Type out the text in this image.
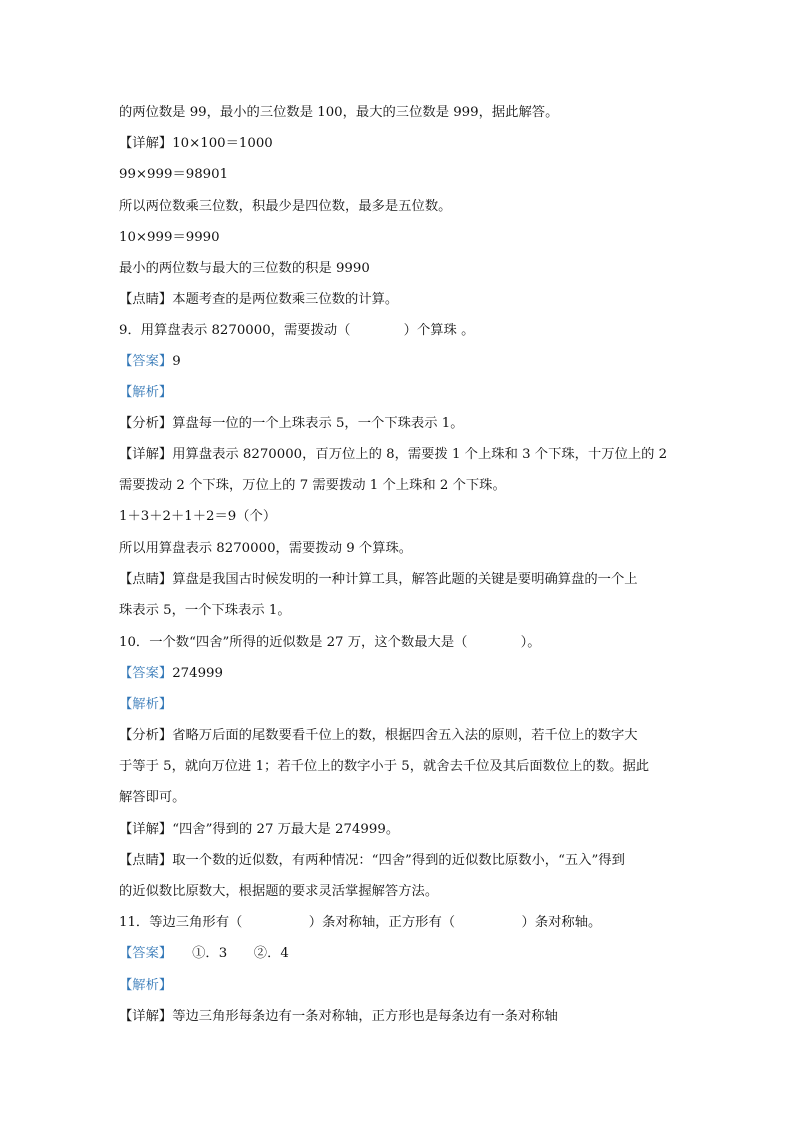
的两位数是 99，最小的三位数是 100，最大的三位数是 999，据此解答。
【详解】10×100＝1000
99×999＝98901
所以两位数乘三位数，积最少是四位数，最多是五位数。
10×999＝9990
最小的两位数与最大的三位数的积是 9990
【点睛】本题考查的是两位数乘三位数的计算。
9．用算盘表示 8270000，需要拨动（　　　　）个算珠 。
【答案】9
【解析】
【分析】算盘每一位的一个上珠表示 5，一个下珠表示 1。
【详解】用算盘表示 8270000，百万位上的 8，需要拨 1 个上珠和 3 个下珠，十万位上的 2
需要拨动 2 个下珠，万位上的 7 需要拨动 1 个上珠和 2 个下珠。
1＋3＋2＋1＋2＝9（个）
所以用算盘表示 8270000，需要拨动 9 个算珠。
【点睛】算盘是我国古时候发明的一种计算工具，解答此题的关键是要明确算盘的一个上
珠表示 5，一个下珠表示 1。
10．一个数“四舍”所得的近似数是 27 万，这个数最大是（　　　　）。
【答案】274999
【解析】
【分析】省略万后面的尾数要看千位上的数，根据四舍五入法的原则，若千位上的数字大
于等于 5，就向万位进 1；若千位上的数字小于 5，就舍去千位及其后面数位上的数。据此
解答即可。
【详解】“四舍”得到的 27 万最大是 274999。
【点睛】取一个数的近似数，有两种情况：“四舍”得到的近似数比原数小，“五入”得到
的近似数比原数大，根据题的要求灵活掌握解答方法。
11．等边三角形有（　　　　　）条对称轴，正方形有（　　　　　）条对称轴。
【答案】　　①．3　　②．4
【解析】
【详解】等边三角形每条边有一条对称轴，正方形也是每条边有一条对称轴
